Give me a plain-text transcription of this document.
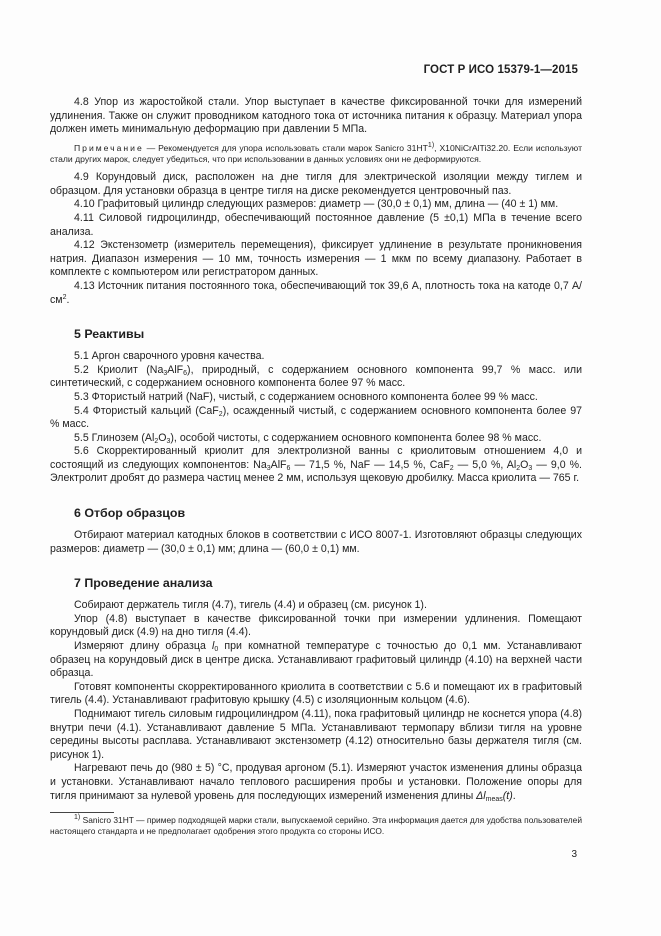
ГОСТ Р ИСО 15379-1—2015

4.8 Упор из жаростойкой стали. Упор выступает в качестве фиксированной точки для измерений удлинения. Также он служит проводником катодного тока от источника питания к образцу. Материал упора должен иметь минимальную деформацию при давлении 5 МПа.

Примечание — Рекомендуется для упора использовать стали марок Sanicro 31HT$^{1)}$, X10NiCrAlTi32.20. Если используют стали других марок, следует убедиться, что при использовании в данных условиях они не деформируются.

4.9 Корундовый диск, расположен на дне тигля для электрической изоляции между тиглем и образцом. Для установки образца в центре тигля на диске рекомендуется центровочный паз.

4.10 Графитовый цилиндр следующих размеров: диаметр — (30,0 ± 0,1) мм, длина — (40 ± 1) мм.

4.11 Силовой гидроцилиндр, обеспечивающий постоянное давление (5 ±0,1) МПа в течение всего анализа.

4.12 Экстензометр (измеритель перемещения), фиксирует удлинение в результате проникновения натрия. Диапазон измерения — 10 мм, точность измерения — 1 мкм по всему диапазону. Работает в комплекте с компьютером или регистратором данных.

4.13 Источник питания постоянного тока, обеспечивающий ток 39,6 А, плотность тока на катоде 0,7 $А/см^2$.

5 Реактивы

5.1 Аргон сварочного уровня качества.

5.2 Криолит $(Na_3AlF_6)$, природный, с содержанием основного компонента 99,7 % масс. или синтетический, с содержанием основного компонента более 97 % масс.

5.3 Фтористый натрий (NaF), чистый, с содержанием основного компонента более 99 % масс.

5.4 Фтористый кальций (CaF$_2$), осажденный чистый, с содержанием основного компонента более 97 % масс.

5.5 Глинозем $(Al_2O_3)$, особой чистоты, с содержанием основного компонента более 98 % масс.

5.6 Скорректированный криолит для электролизной ванны с криолитовым отношением 4,0 и состоящий из следующих компонентов: $Na_3AlF_6$ — 71,5 %, NaF — 14,5 %, CaF$_2$ — 5,0 %, $Al_2O_3$ — 9,0 %. Электролит дробят до размера частиц менее 2 мм, используя щековую дробилку. Масса криолита — 765 г.

6 Отбор образцов

Отбирают материал катодных блоков в соответствии с ИСО 8007-1. Изготовляют образцы следующих размеров: диаметр — (30,0 ± 0,1) мм; длина — (60,0 ± 0,1) мм.

7 Проведение анализа

Собирают держатель тигля (4.7), тигель (4.4) и образец (см. рисунок 1).

Упор (4.8) выступает в качестве фиксированной точки при измерении удлинения. Помещают корундовый диск (4.9) на дно тигля (4.4).

Измеряют длину образца $l_0$ при комнатной температуре с точностью до 0,1 мм. Устанавливают образец на корундовый диск в центре диска. Устанавливают графитовый цилиндр (4.10) на верхней части образца.

Готовят компоненты скорректированного криолита в соответствии с 5.6 и помещают их в графитовый тигель (4.4). Устанавливают графитовую крышку (4.5) с изоляционным кольцом (4.6).

Поднимают тигель силовым гидроцилиндром (4.11), пока графитовый цилиндр не коснется упора (4.8) внутри печи (4.1). Устанавливают давление 5 МПа. Устанавливают термопару вблизи тигля на уровне середины высоты расплава. Устанавливают экстензометр (4.12) относительно базы держателя тигля (см. рисунок 1).

Нагревают печь до (980 ± 5) °С, продувая аргоном (5.1). Измеряют участок изменения длины образца и установки. Устанавливают начало теплового расширения пробы и установки. Положение опоры для тигля принимают за нулевой уровень для последующих измерений изменения длины $\Delta l_{meas}(t)$.

$^{1)}$ Sanicro 31HT — пример подходящей марки стали, выпускаемой серийно. Эта информация дается для удобства пользователей настоящего стандарта и не предполагает одобрения этого продукта со стороны ИСО.

3
